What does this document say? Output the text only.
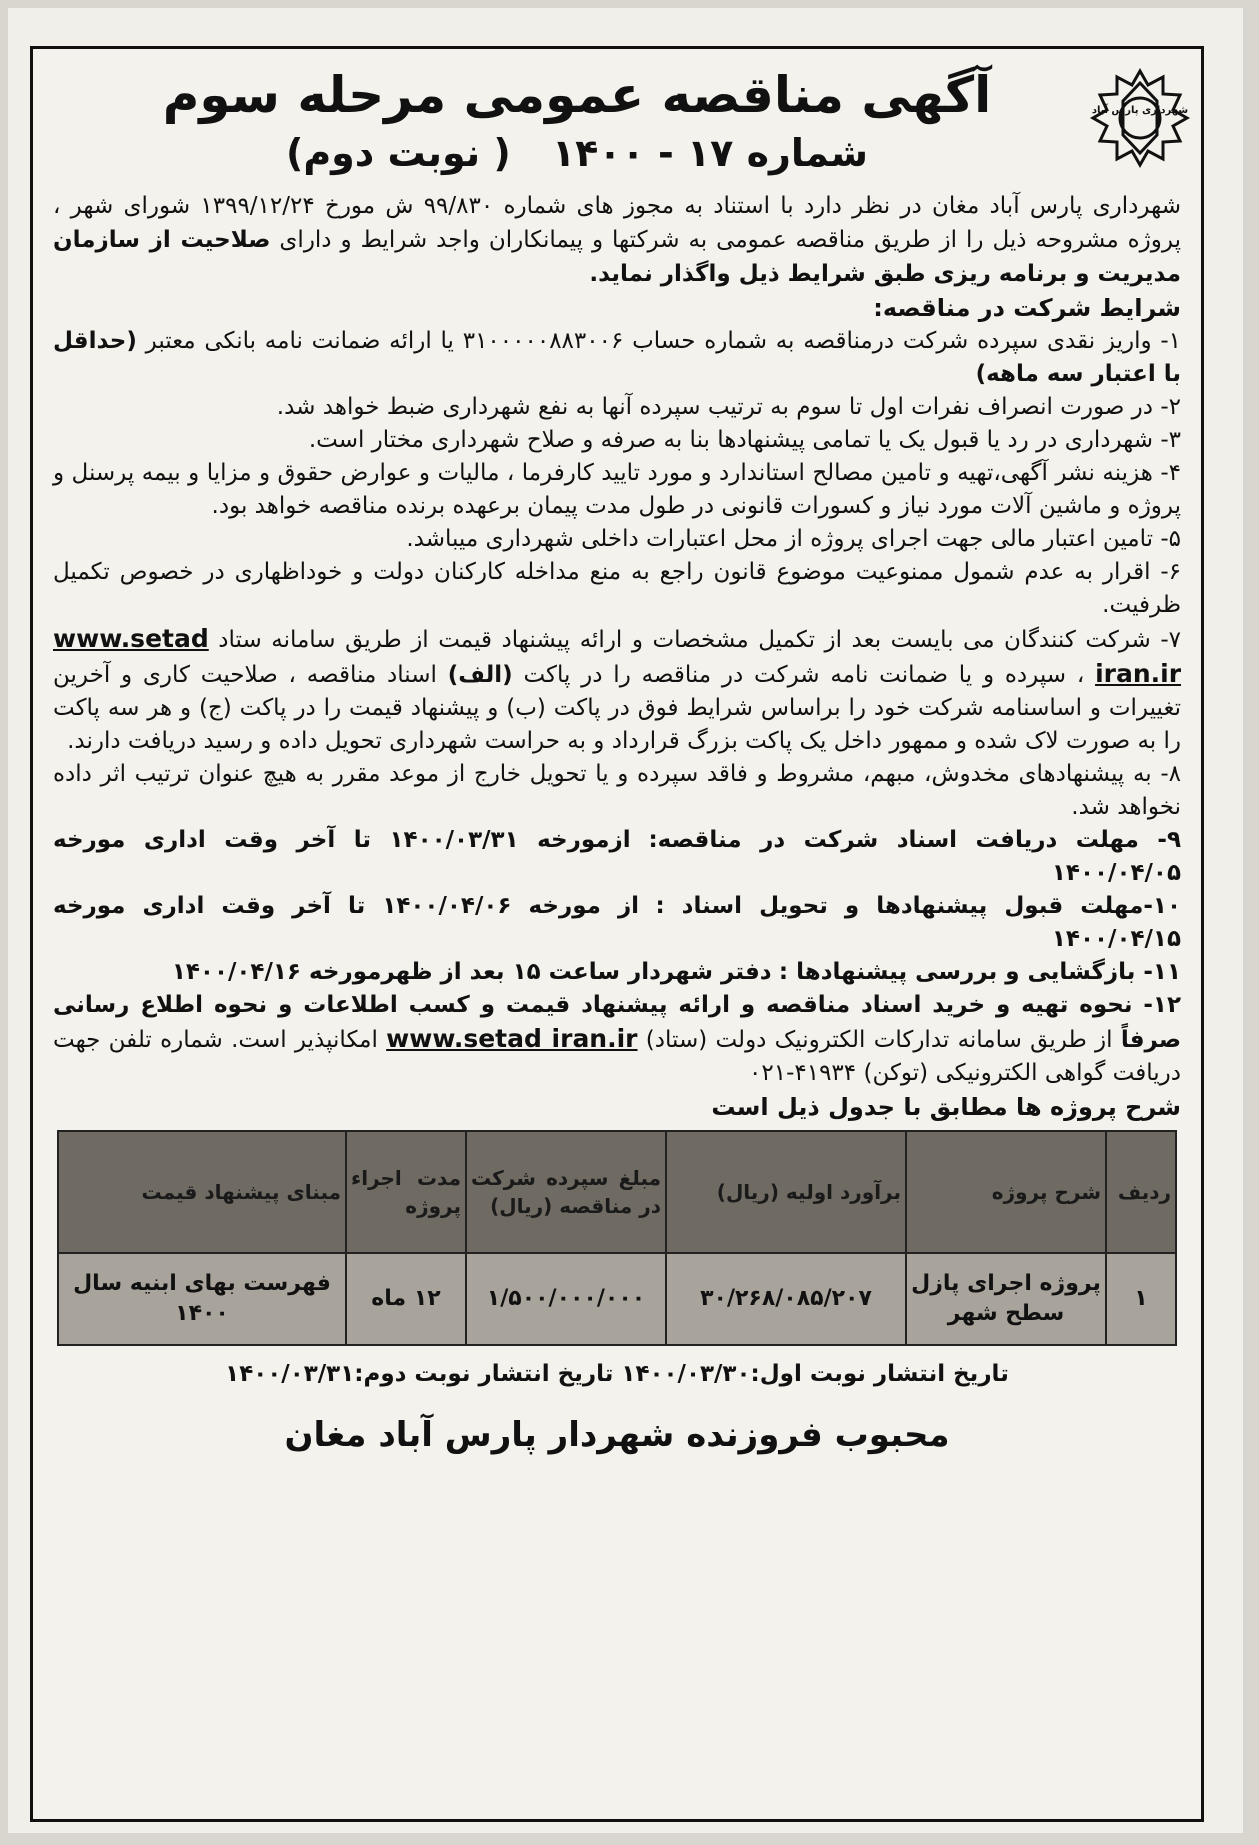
شهرداری پارس آباد
آگهی مناقصه عمومی مرحله سوم
شماره ۱۷ - ۱۴۰۰ ( نوبت دوم)

شهرداری پارس آباد مغان در نظر دارد با استناد به مجوز های شماره ۹۹/۸۳۰ ش مورخ ۱۳۹۹/۱۲/۲۴ شورای شهر ، پروژه مشروحه ذیل را از طریق مناقصه عمومی به شرکتها و پیمانکاران واجد شرایط و دارای صلاحیت از سازمان مدیریت و برنامه ریزی طبق شرایط ذیل واگذار نماید.

شرایط شرکت در مناقصه:

۱- واریز نقدی سپرده شرکت درمناقصه به شماره حساب ۳۱۰۰۰۰۰۸۸۳۰۰۶ یا ارائه ضمانت نامه بانکی معتبر (حداقل با اعتبار سه ماهه)

۲- در صورت انصراف نفرات اول تا سوم به ترتیب سپرده آنها به نفع شهرداری ضبط خواهد شد.

۳- شهرداری در رد یا قبول یک یا تمامی پیشنهادها بنا به صرفه و صلاح شهرداری مختار است.

۴- هزینه نشر آگهی،تهیه و تامین مصالح استاندارد و مورد تایید کارفرما ، مالیات و عوارض حقوق و مزایا و بیمه پرسنل و پروژه و ماشین آلات مورد نیاز و کسورات قانونی در طول مدت پیمان برعهده برنده مناقصه خواهد بود.

۵- تامین اعتبار مالی جهت اجرای پروژه از محل اعتبارات داخلی شهرداری میباشد.

۶- اقرار به عدم شمول ممنوعیت موضوع قانون راجع به منع مداخله کارکنان دولت و خوداظهاری در خصوص تکمیل ظرفیت.

۷- شرکت کنندگان می بایست بعد از تکمیل مشخصات و ارائه پیشنهاد قیمت از طریق سامانه ستاد www.setad iran.ir ، سپرده و یا ضمانت نامه شرکت در مناقصه را در پاکت (الف) اسناد مناقصه ، صلاحیت کاری و آخرین تغییرات و اساسنامه شرکت خود را براساس شرایط فوق در پاکت (ب) و پیشنهاد قیمت را در پاکت (ج) و هر سه پاکت را به صورت لاک شده و ممهور داخل یک پاکت بزرگ قرارداد و به حراست شهرداری تحویل داده و رسید دریافت دارند.

۸- به پیشنهادهای مخدوش، مبهم، مشروط و فاقد سپرده و یا تحویل خارج از موعد مقرر به هیچ عنوان ترتیب اثر داده نخواهد شد.

۹- مهلت دریافت اسناد شرکت در مناقصه: ازمورخه ۱۴۰۰/۰۳/۳۱ تا آخر وقت اداری مورخه ۱۴۰۰/۰۴/۰۵

۱۰-مهلت قبول پیشنهادها و تحویل اسناد : از مورخه ۱۴۰۰/۰۴/۰۶ تا آخر وقت اداری مورخه ۱۴۰۰/۰۴/۱۵

۱۱- بازگشایی و بررسی پیشنهادها : دفتر شهردار ساعت ۱۵ بعد از ظهرمورخه ۱۴۰۰/۰۴/۱۶

۱۲- نحوه تهیه و خرید اسناد مناقصه و ارائه پیشنهاد قیمت و کسب اطلاعات و نحوه اطلاع رسانی صرفاً از طریق سامانه تدارکات الکترونیک دولت (ستاد) www.setad iran.ir امکانپذیر است. شماره تلفن جهت دریافت گواهی الکترونیکی (توکن) ۴۱۹۳۴-۰۲۱

شرح پروژه ها مطابق با جدول ذیل است

ردیف	شرح پروژه	برآورد اولیه (ریال)	مبلغ سپرده شرکت در مناقصه (ریال)	مدت اجراء پروژه	مبنای پیشنهاد قیمت
۱	پروژه اجرای پازل سطح شهر	۳۰/۲۶۸/۰۸۵/۲۰۷	۱/۵۰۰/۰۰۰/۰۰۰	۱۲ ماه	فهرست بهای ابنیه سال ۱۴۰۰
تاریخ انتشار نوبت اول:۱۴۰۰/۰۳/۳۰ تاریخ انتشار نوبت دوم:۱۴۰۰/۰۳/۳۱
محبوب فروزنده شهردار پارس آباد مغان
